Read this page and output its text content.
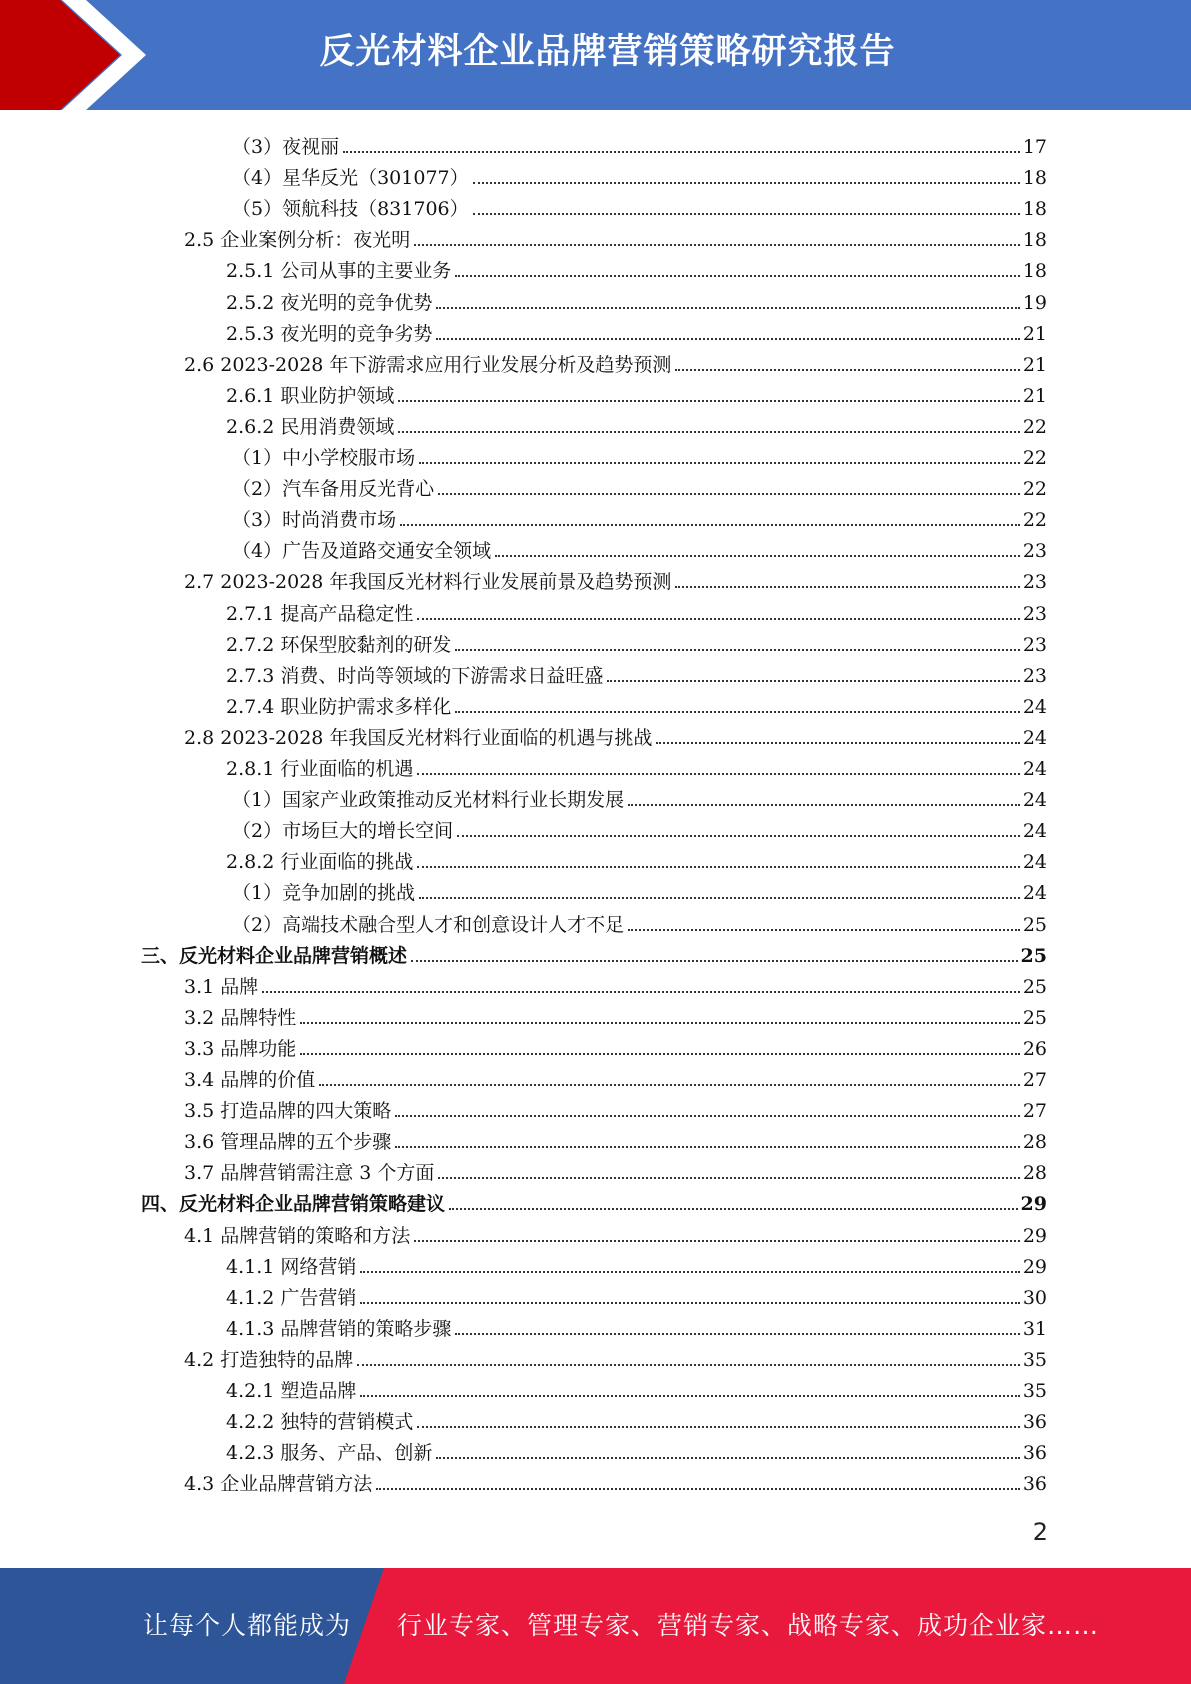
反光材料企业品牌营销策略研究报告
（3）夜视丽	17
（4）星华反光（301077）	18
（5）领航科技（831706）	18
2.5 企业案例分析：夜光明	18
2.5.1 公司从事的主要业务	18
2.5.2 夜光明的竞争优势	19
2.5.3 夜光明的竞争劣势	21
2.6 2023-2028 年下游需求应用行业发展分析及趋势预测	21
2.6.1 职业防护领域	21
2.6.2 民用消费领域	22
（1）中小学校服市场	22
（2）汽车备用反光背心	22
（3）时尚消费市场	22
（4）广告及道路交通安全领域	23
2.7 2023-2028 年我国反光材料行业发展前景及趋势预测	23
2.7.1 提高产品稳定性	23
2.7.2 环保型胶黏剂的研发	23
2.7.3 消费、时尚等领域的下游需求日益旺盛	23
2.7.4 职业防护需求多样化	24
2.8 2023-2028 年我国反光材料行业面临的机遇与挑战	24
2.8.1 行业面临的机遇	24
（1）国家产业政策推动反光材料行业长期发展	24
（2）市场巨大的增长空间	24
2.8.2 行业面临的挑战	24
（1）竞争加剧的挑战	24
（2）高端技术融合型人才和创意设计人才不足	25
三、反光材料企业品牌营销概述	25
3.1 品牌	25
3.2 品牌特性	25
3.3 品牌功能	26
3.4 品牌的价值	27
3.5 打造品牌的四大策略	27
3.6 管理品牌的五个步骤	28
3.7 品牌营销需注意 3 个方面	28
四、反光材料企业品牌营销策略建议	29
4.1 品牌营销的策略和方法	29
4.1.1 网络营销	29
4.1.2 广告营销	30
4.1.3 品牌营销的策略步骤	31
4.2 打造独特的品牌	35
4.2.1 塑造品牌	35
4.2.2 独特的营销模式	36
4.2.3 服务、产品、创新	36
4.3 企业品牌营销方法	36
2
让每个人都能成为 行业专家、管理专家、营销专家、战略专家、成功企业家……
